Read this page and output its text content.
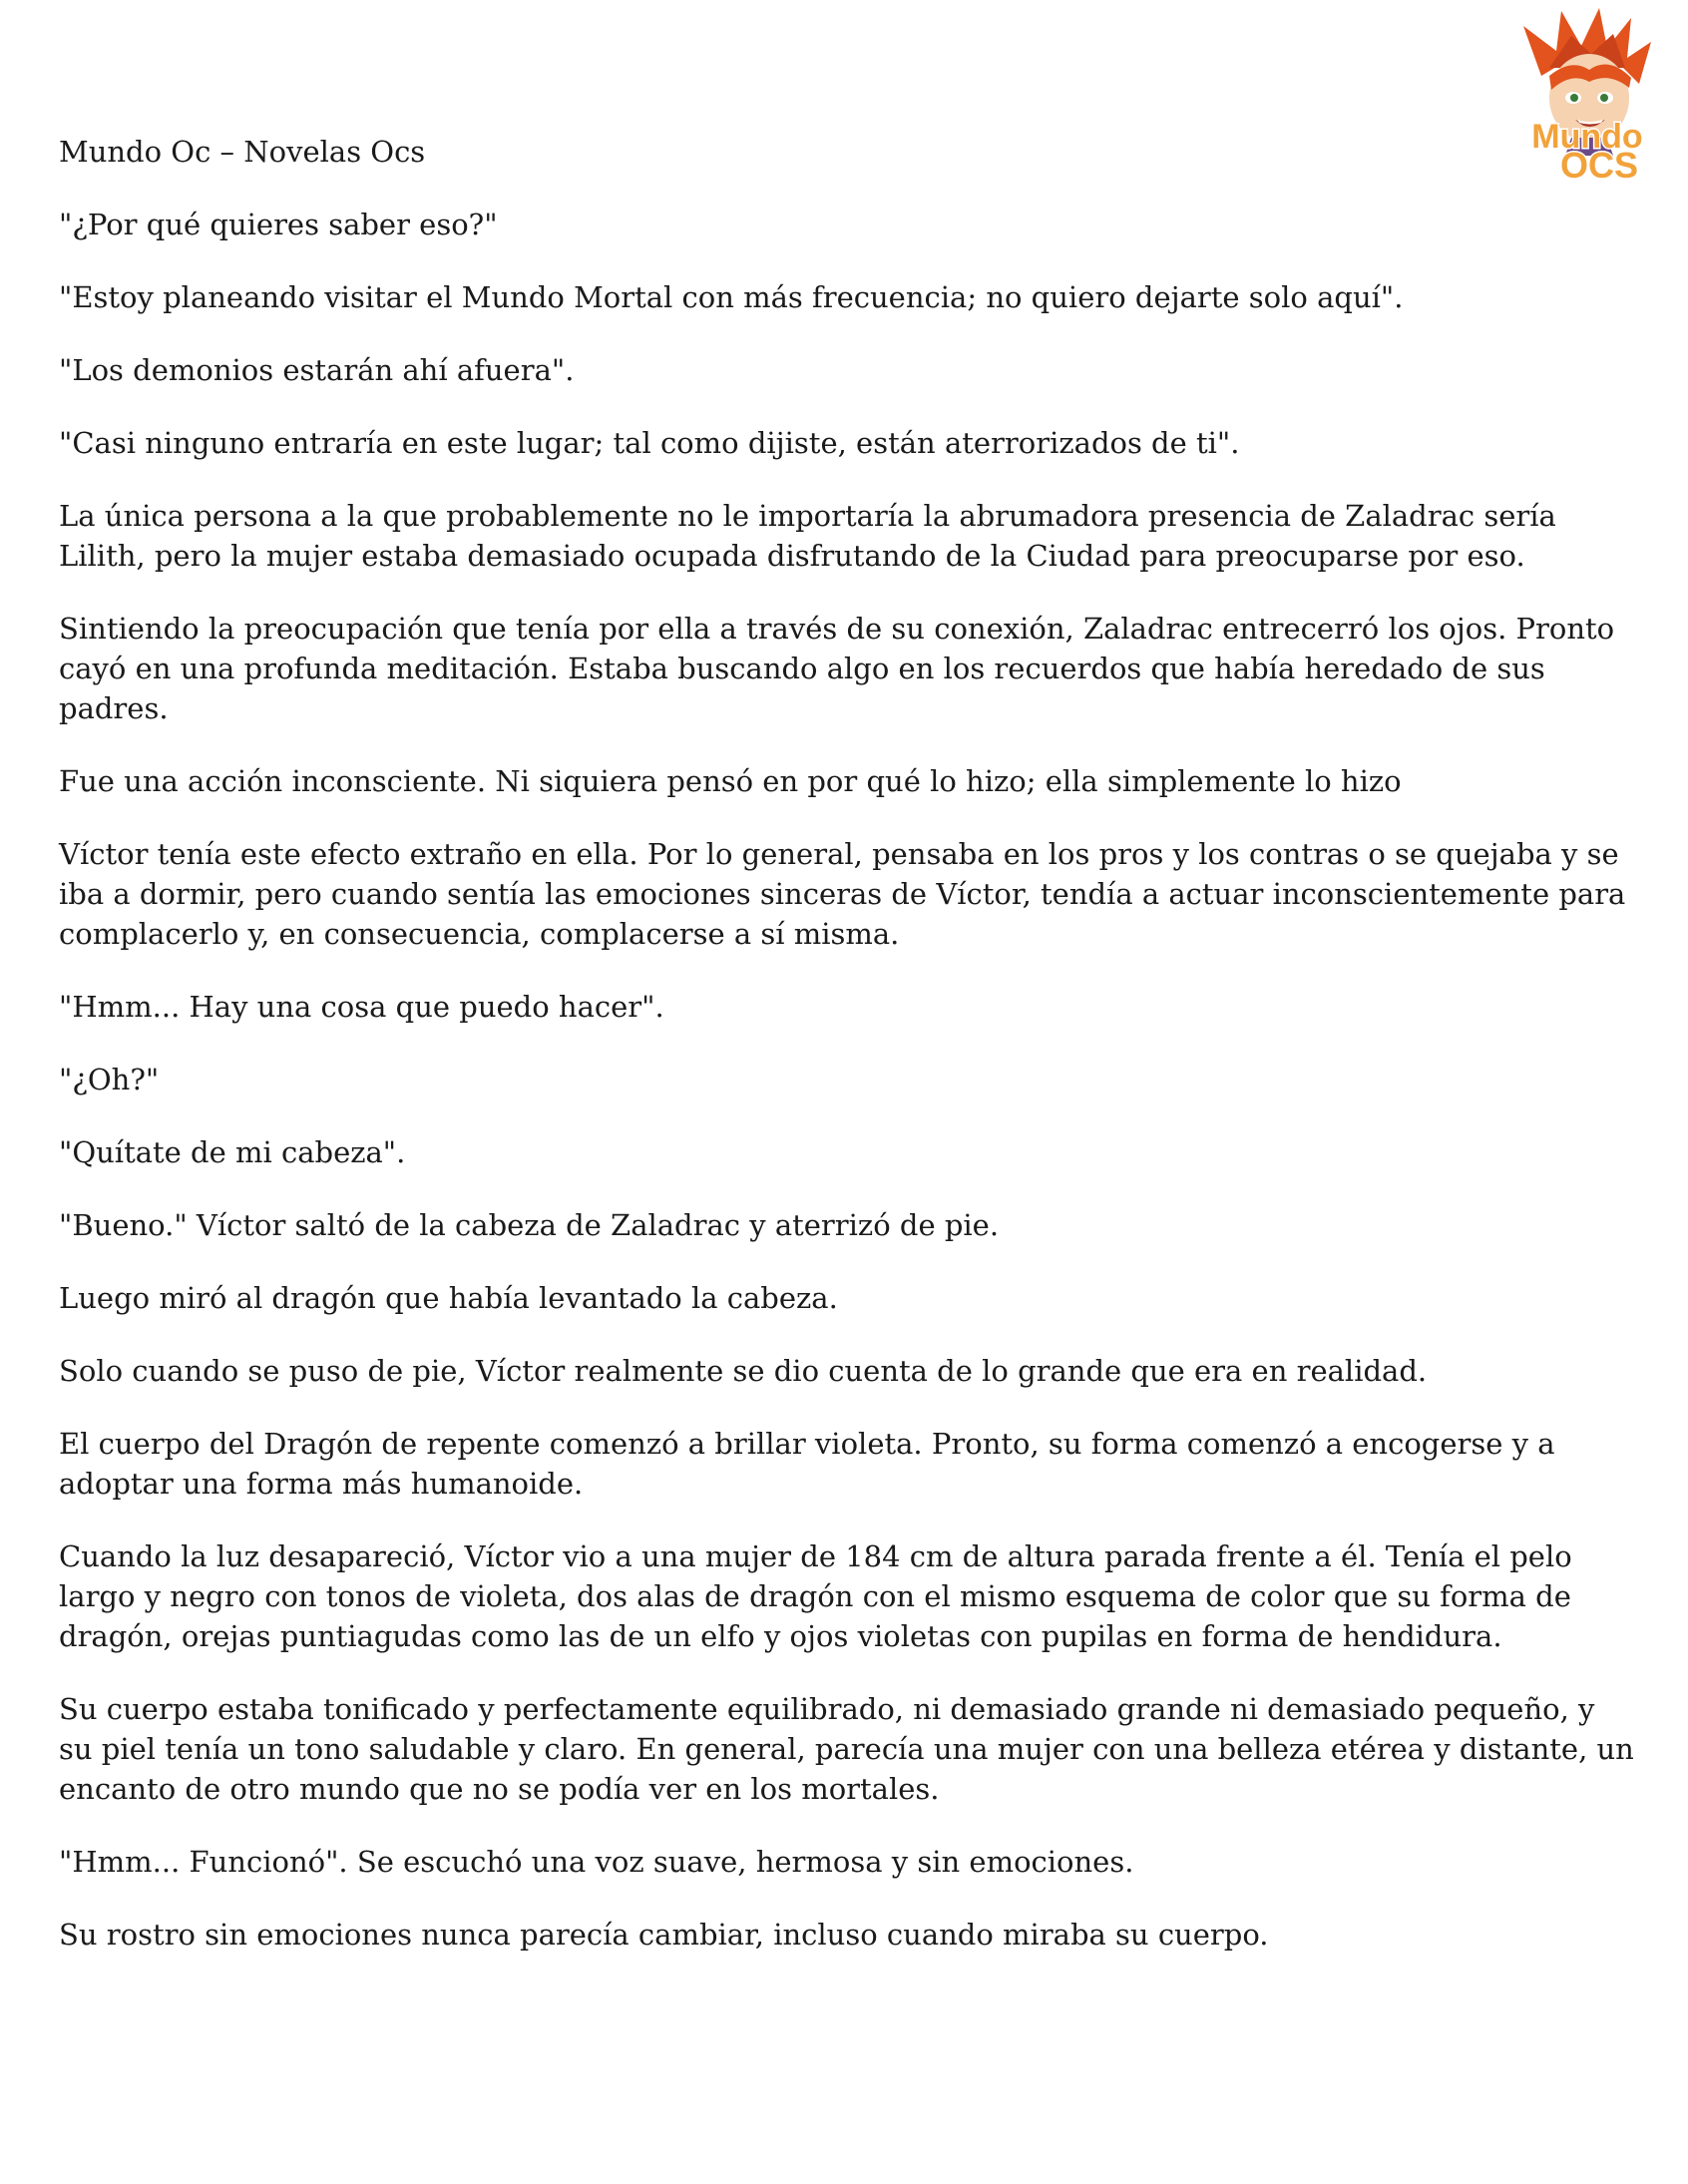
Mundo Oc – Novelas Ocs	Mundo
OCS

"¿Por qué quieres saber eso?"

"Estoy planeando visitar el Mundo Mortal con más frecuencia; no quiero dejarte solo aquí".

"Los demonios estarán ahí afuera".

"Casi ninguno entraría en este lugar; tal como dijiste, están aterrorizados de ti".

La única persona a la que probablemente no le importaría la abrumadora presencia de Zaladrac sería Lilith, pero la mujer estaba demasiado ocupada disfrutando de la Ciudad para preocuparse por eso.

Sintiendo la preocupación que tenía por ella a través de su conexión, Zaladrac entrecerró los ojos. Pronto cayó en una profunda meditación. Estaba buscando algo en los recuerdos que había heredado de sus padres.

Fue una acción inconsciente. Ni siquiera pensó en por qué lo hizo; ella simplemente lo hizo

Víctor tenía este efecto extraño en ella. Por lo general, pensaba en los pros y los contras o se quejaba y se iba a dormir, pero cuando sentía las emociones sinceras de Víctor, tendía a actuar inconscientemente para complacerlo y, en consecuencia, complacerse a sí misma.

"Hmm... Hay una cosa que puedo hacer".

"¿Oh?"

"Quítate de mi cabeza".

"Bueno." Víctor saltó de la cabeza de Zaladrac y aterrizó de pie.

Luego miró al dragón que había levantado la cabeza.

Solo cuando se puso de pie, Víctor realmente se dio cuenta de lo grande que era en realidad.

El cuerpo del Dragón de repente comenzó a brillar violeta. Pronto, su forma comenzó a encogerse y a adoptar una forma más humanoide.

Cuando la luz desapareció, Víctor vio a una mujer de 184 cm de altura parada frente a él. Tenía el pelo largo y negro con tonos de violeta, dos alas de dragón con el mismo esquema de color que su forma de dragón, orejas puntiagudas como las de un elfo y ojos violetas con pupilas en forma de hendidura.

Su cuerpo estaba tonificado y perfectamente equilibrado, ni demasiado grande ni demasiado pequeño, y su piel tenía un tono saludable y claro. En general, parecía una mujer con una belleza etérea y distante, un encanto de otro mundo que no se podía ver en los mortales.

"Hmm... Funcionó". Se escuchó una voz suave, hermosa y sin emociones.

Su rostro sin emociones nunca parecía cambiar, incluso cuando miraba su cuerpo.
